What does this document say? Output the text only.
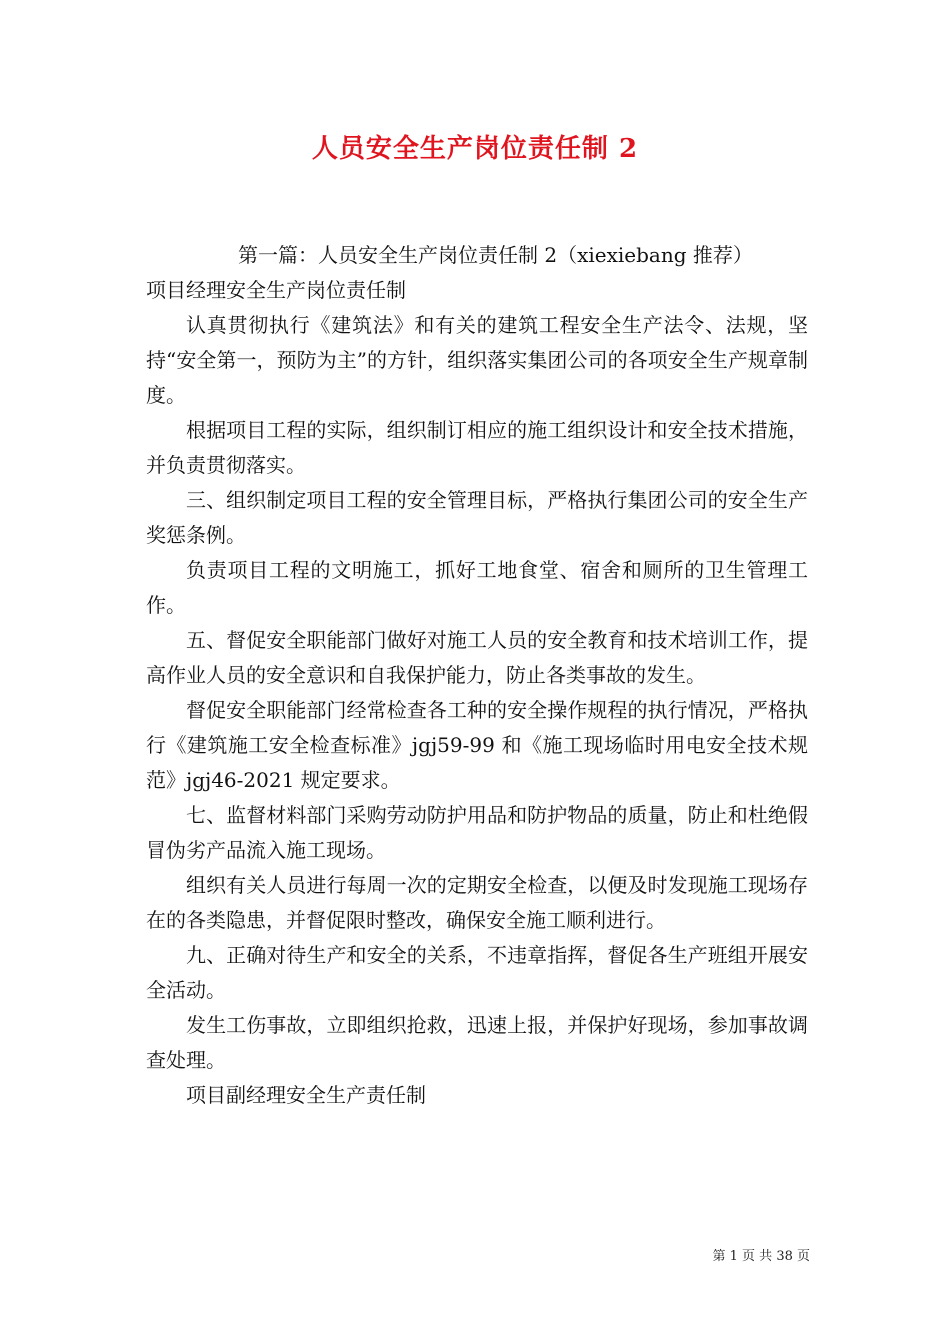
人员安全生产岗位责任制 2

第一篇：人员安全生产岗位责任制 2（xiexiebang 推荐）

项目经理安全生产岗位责任制

认真贯彻执行《建筑法》和有关的建筑工程安全生产法令、法规，坚持“安全第一，预防为主”的方针，组织落实集团公司的各项安全生产规章制度。

根据项目工程的实际，组织制订相应的施工组织设计和安全技术措施，并负责贯彻落实。

三、组织制定项目工程的安全管理目标，严格执行集团公司的安全生产奖惩条例。

负责项目工程的文明施工，抓好工地食堂、宿舍和厕所的卫生管理工作。

五、督促安全职能部门做好对施工人员的安全教育和技术培训工作，提高作业人员的安全意识和自我保护能力，防止各类事故的发生。

督促安全职能部门经常检查各工种的安全操作规程的执行情况，严格执行《建筑施工安全检查标准》jgj59-99 和《施工现场临时用电安全技术规范》jgj46-2021 规定要求。

七、监督材料部门采购劳动防护用品和防护物品的质量，防止和杜绝假冒伪劣产品流入施工现场。

组织有关人员进行每周一次的定期安全检查，以便及时发现施工现场存在的各类隐患，并督促限时整改，确保安全施工顺利进行。

九、正确对待生产和安全的关系，不违章指挥，督促各生产班组开展安全活动。

发生工伤事故，立即组织抢救，迅速上报，并保护好现场，参加事故调查处理。

项目副经理安全生产责任制

第 1 页 共 38 页
